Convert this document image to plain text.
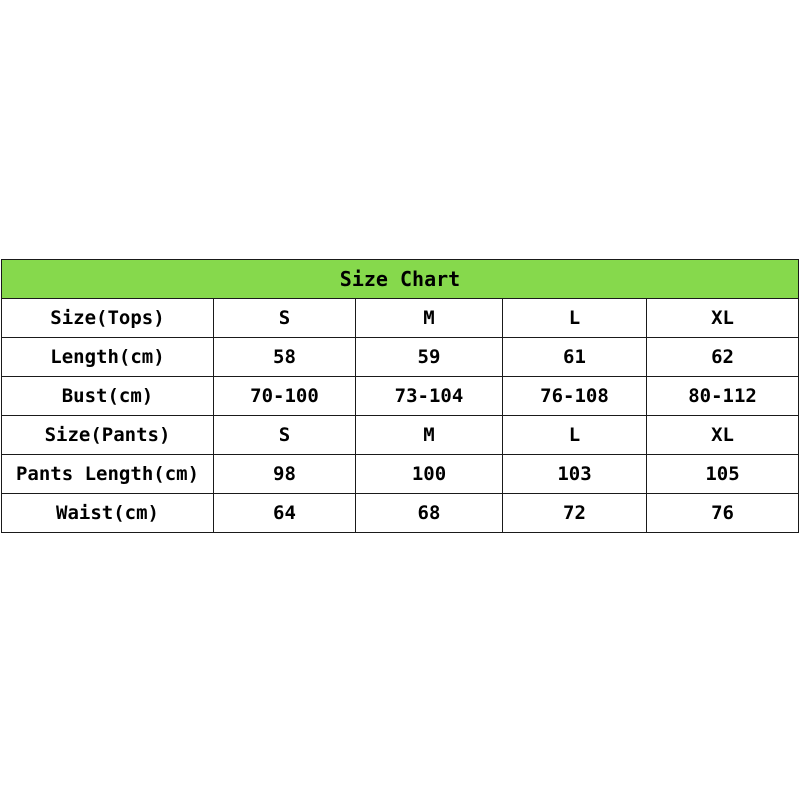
Size Chart				
Size(Tops)	S	M	L	XL
Length(cm)	58	59	61	62
Bust(cm)	70-100	73-104	76-108	80-112
Size(Pants)	S	M	L	XL
Pants Length(cm)	98	100	103	105
Waist(cm)	64	68	72	76
